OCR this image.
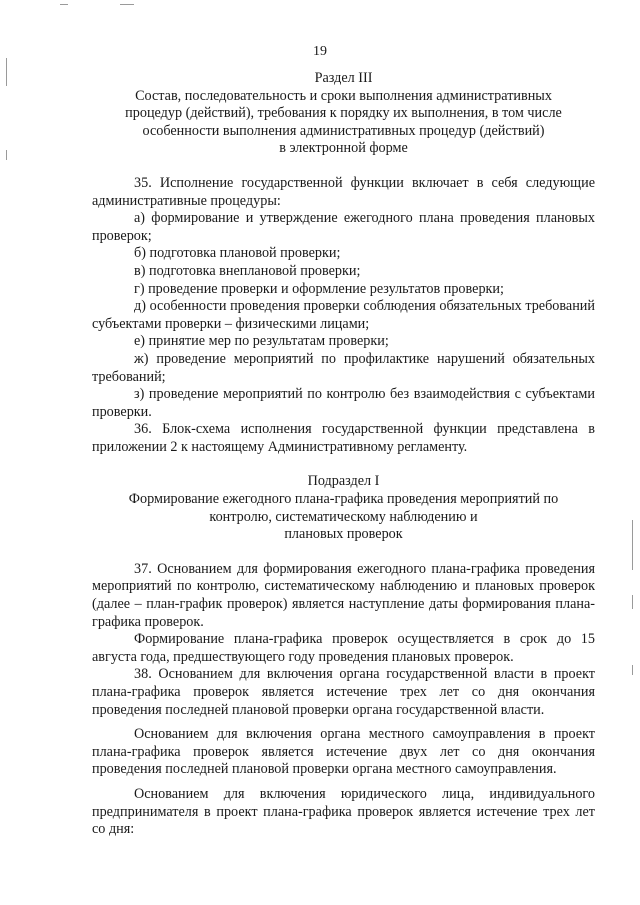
19
Раздел III
Состав, последовательность и сроки выполнения административных
процедур (действий), требования к порядку их выполнения, в том числе
особенности выполнения административных процедур (действий)
в электронной форме

35. Исполнение государственной функции включает в себя следующие административные процедуры:

а) формирование и утверждение ежегодного плана проведения плановых проверок;

б) подготовка плановой проверки;

в) подготовка внеплановой проверки;

г) проведение проверки и оформление результатов проверки;

д) особенности проведения проверки соблюдения обязательных требований субъектами проверки – физическими лицами;

е) принятие мер по результатам проверки;

ж) проведение мероприятий по профилактике нарушений обязательных требований;

з) проведение мероприятий по контролю без взаимодействия с субъектами проверки.

36. Блок-схема исполнения государственной функции представлена в приложении 2 к настоящему Административному регламенту.

Подраздел I
Формирование ежегодного плана-графика проведения мероприятий по
контролю, систематическому наблюдению и
плановых проверок

37. Основанием для формирования ежегодного плана-графика проведения мероприятий по контролю, систематическому наблюдению и плановых проверок (далее – план-график проверок) является наступление даты формирования плана-графика проверок.

Формирование плана-графика проверок осуществляется в срок до 15 августа года, предшествующего году проведения плановых проверок.

38. Основанием для включения органа государственной власти в проект плана-графика проверок является истечение трех лет со дня окончания проведения последней плановой проверки органа государственной власти.

Основанием для включения органа местного самоуправления в проект плана-графика проверок является истечение двух лет со дня окончания проведения последней плановой проверки органа местного самоуправления.

Основанием для включения юридического лица, индивидуального предпринимателя в проект плана-графика проверок является истечение трех лет со дня:
